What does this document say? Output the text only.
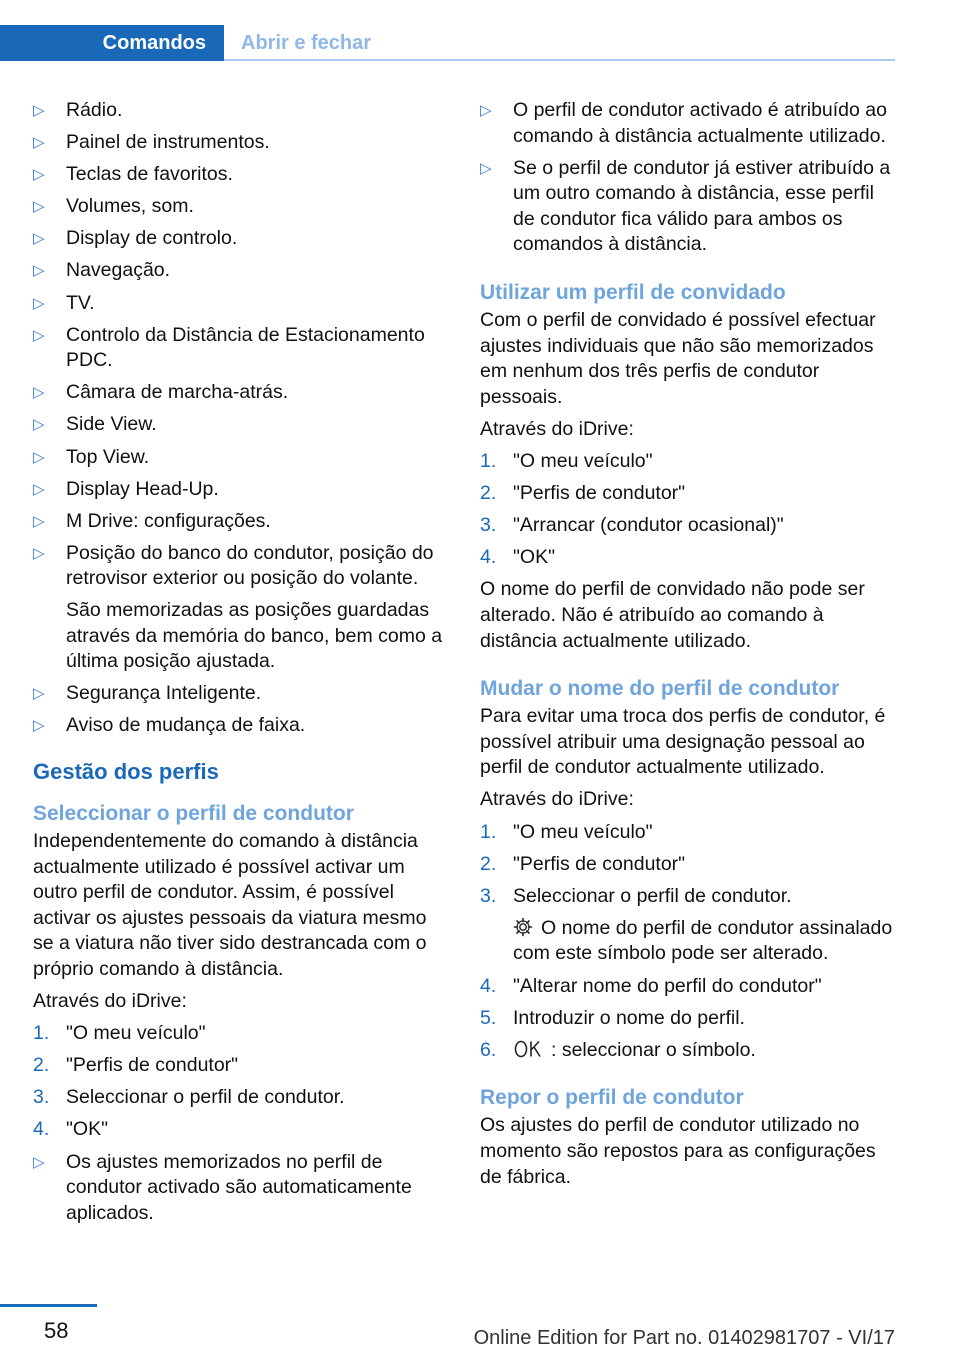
Comandos	Abrir e fechar
▷ Rádio.
▷ Painel de instrumentos.
▷ Teclas de favoritos.
▷ Volumes, som.
▷ Display de controlo.
▷ Navegação.
▷ TV.
▷ Controlo da Distância de Estacionamento PDC.
▷ Câmara de marcha-atrás.
▷ Side View.
▷ Top View.
▷ Display Head-Up.
▷ M Drive: configurações.
▷ Posição do banco do condutor, posição do retrovisor exterior ou posição do volante.
São memorizadas as posições guardadas através da memória do banco, bem como a última posição ajustada.
▷ Segurança Inteligente.
▷ Aviso de mudança de faixa.
Gestão dos perfis
Seleccionar o perfil de condutor

Independentemente do comando à distância actualmente utilizado é possível activar um outro perfil de condutor. Assim, é possível activar os ajustes pessoais da viatura mesmo se a viatura não tiver sido destrancada com o próprio comando à distância.

Através do iDrive:

1. "O meu veículo"
2. "Perfis de condutor"
3. Seleccionar o perfil de condutor.
4. "OK"
▷ Os ajustes memorizados no perfil de condutor activado são automaticamente aplicados.
▷ O perfil de condutor activado é atribuído ao comando à distância actualmente utilizado.
▷ Se o perfil de condutor já estiver atribuído a um outro comando à distância, esse perfil de condutor fica válido para ambos os comandos à distância.
Utilizar um perfil de convidado

Com o perfil de convidado é possível efectuar ajustes individuais que não são memorizados em nenhum dos três perfis de condutor pessoais.

Através do iDrive:

1. "O meu veículo"
2. "Perfis de condutor"
3. "Arrancar (condutor ocasional)"
4. "OK"

O nome do perfil de convidado não pode ser alterado. Não é atribuído ao comando à distância actualmente utilizado.

Mudar o nome do perfil de condutor

Para evitar uma troca dos perfis de condutor, é possível atribuir uma designação pessoal ao perfil de condutor actualmente utilizado.

Através do iDrive:

1. "O meu veículo"
2. "Perfis de condutor"
3. Seleccionar o perfil de condutor.
O nome do perfil de condutor assinalado com este símbolo pode ser alterado.
4. "Alterar nome do perfil do condutor"
5. Introduzir o nome do perfil.
6.	: seleccionar o símbolo.
Repor o perfil de condutor

Os ajustes do perfil de condutor utilizado no momento são repostos para as configurações de fábrica.

58	Online Edition for Part no. 01402981707 - VI/17
